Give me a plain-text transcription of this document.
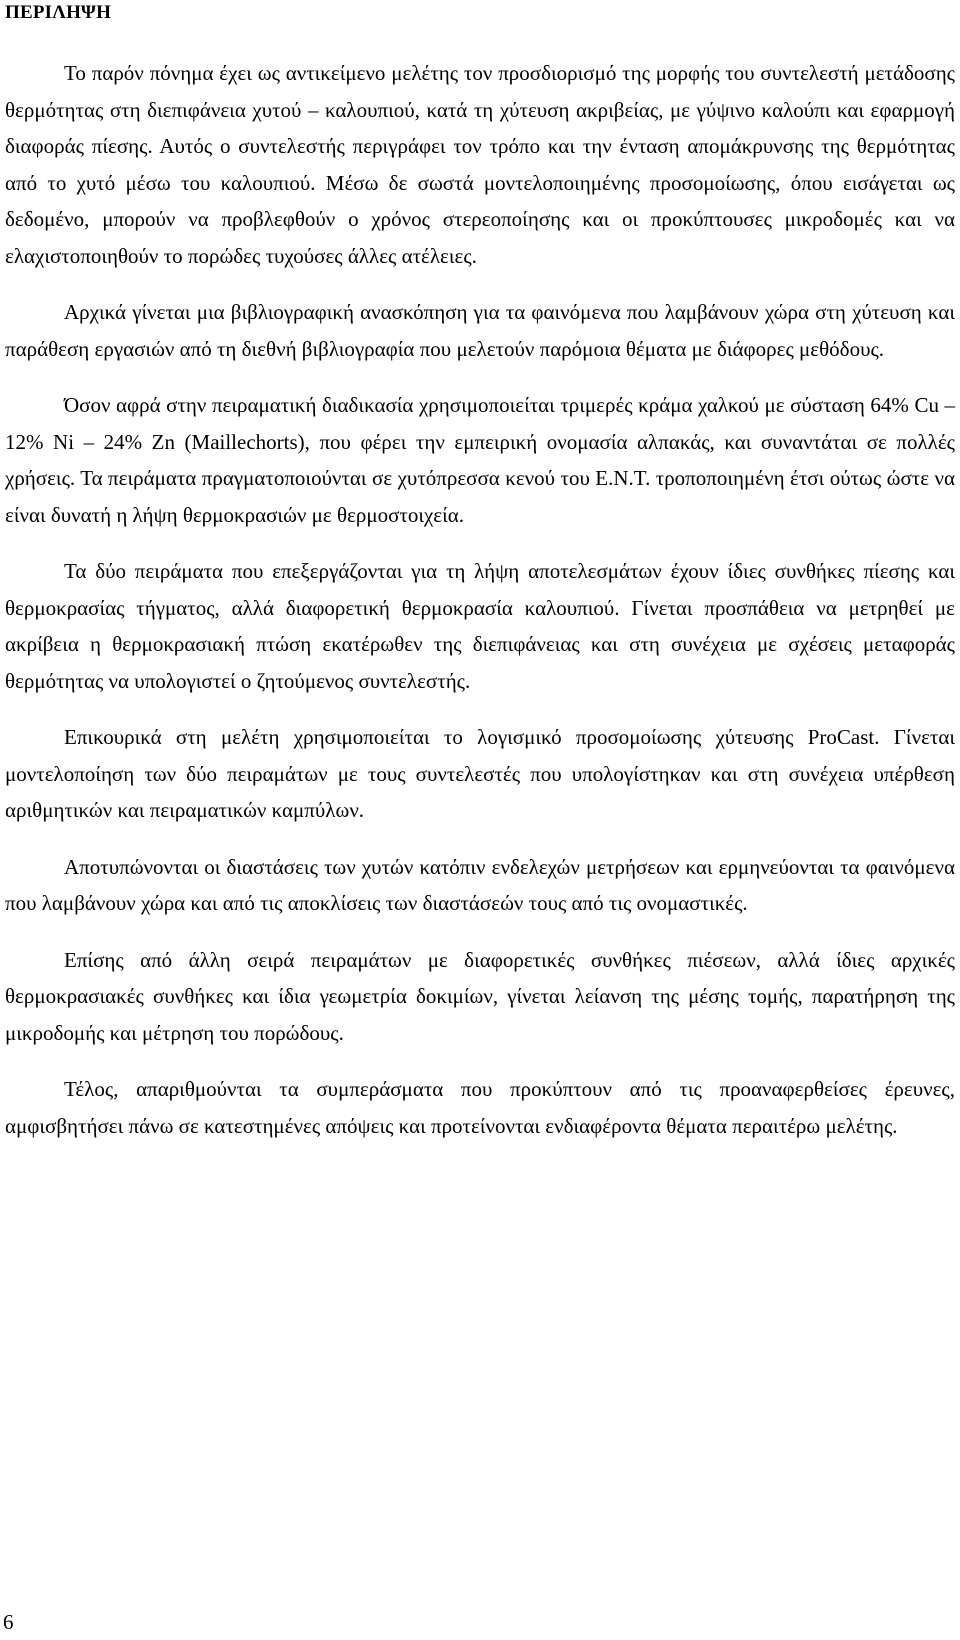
ΠΕΡΙΛΗΨΗ

Το παρόν πόνημα έχει ως αντικείμενο μελέτης τον προσδιορισμό της μορφής του συντελεστή μετάδοσης θερμότητας στη διεπιφάνεια χυτού – καλουπιού, κατά τη χύτευση ακριβείας, με γύψινο καλούπι και εφαρμογή διαφοράς πίεσης. Αυτός ο συντελεστής περιγράφει τον τρόπο και την ένταση απομάκρυνσης της θερμότητας από το χυτό μέσω του καλουπιού. Μέσω δε σωστά μοντελοποιημένης προσομοίωσης, όπου εισάγεται ως δεδομένο, μπορούν να προβλεφθούν ο χρόνος στερεοποίησης και οι προκύπτουσες μικροδομές και να ελαχιστοποιηθούν το πορώδες τυχούσες άλλες ατέλειες.

Αρχικά γίνεται μια βιβλιογραφική ανασκόπηση για τα φαινόμενα που λαμβάνουν χώρα στη χύτευση και παράθεση εργασιών από τη διεθνή βιβλιογραφία που μελετούν παρόμοια θέματα με διάφορες μεθόδους.

Όσον αφρά στην πειραματική διαδικασία χρησιμοποιείται τριμερές κράμα χαλκού με σύσταση 64% Cu – 12% Ni – 24% Zn (Maillechorts), που φέρει την εμπειρική ονομασία αλπακάς, και συναντάται σε πολλές χρήσεις. Τα πειράματα πραγματοποιούνται σε χυτόπρεσσα κενού του Ε.Ν.Τ. τροποποιημένη έτσι ούτως ώστε να είναι δυνατή η λήψη θερμοκρασιών με θερμοστοιχεία.

Τα δύο πειράματα που επεξεργάζονται για τη λήψη αποτελεσμάτων έχουν ίδιες συνθήκες πίεσης και θερμοκρασίας τήγματος, αλλά διαφορετική θερμοκρασία καλουπιού. Γίνεται προσπάθεια να μετρηθεί με ακρίβεια η θερμοκρασιακή πτώση εκατέρωθεν της διεπιφάνειας και στη συνέχεια με σχέσεις μεταφοράς θερμότητας να υπολογιστεί ο ζητούμενος συντελεστής.

Επικουρικά στη μελέτη χρησιμοποιείται το λογισμικό προσομοίωσης χύτευσης ProCast. Γίνεται μοντελοποίηση των δύο πειραμάτων με τους συντελεστές που υπολογίστηκαν και στη συνέχεια υπέρθεση αριθμητικών και πειραματικών καμπύλων.

Αποτυπώνονται οι διαστάσεις των χυτών κατόπιν ενδελεχών μετρήσεων και ερμηνεύονται τα φαινόμενα που λαμβάνουν χώρα και από τις αποκλίσεις των διαστάσεών τους από τις ονομαστικές.

Επίσης από άλλη σειρά πειραμάτων με διαφορετικές συνθήκες πιέσεων, αλλά ίδιες αρχικές θερμοκρασιακές συνθήκες και ίδια γεωμετρία δοκιμίων, γίνεται λείανση της μέσης τομής, παρατήρηση της μικροδομής και μέτρηση του πορώδους.

Τέλος, απαριθμούνται τα συμπεράσματα που προκύπτουν από τις προαναφερθείσες έρευνες, αμφισβητήσει πάνω σε κατεστημένες απόψεις και προτείνονται ενδιαφέροντα θέματα περαιτέρω μελέτης.

6
